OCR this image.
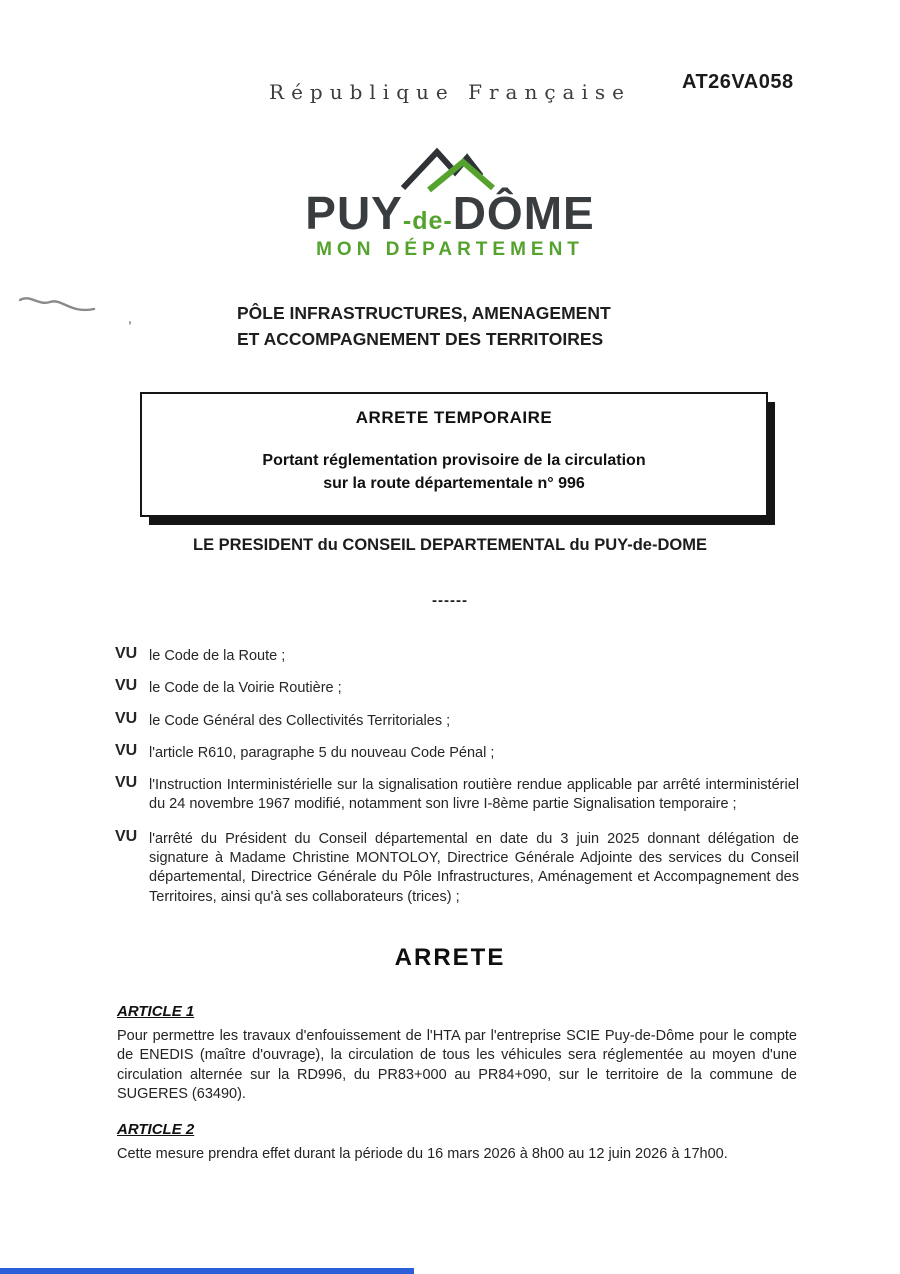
République Française	AT26VA058
PUY-de-DÔME
MON DÉPARTEMENT
PÔLE INFRASTRUCTURES, AMENAGEMENT
ET ACCOMPAGNEMENT DES TERRITOIRES
ARRETE TEMPORAIRE
Portant réglementation provisoire de la circulation
sur la route départementale n° 996
LE PRESIDENT du CONSEIL DEPARTEMENTAL du PUY-de-DOME
------
VU le Code de la Route ;
VU le Code de la Voirie Routière ;
VU le Code Général des Collectivités Territoriales ;
VU l'article R610, paragraphe 5 du nouveau Code Pénal ;
VU l'Instruction Interministérielle sur la signalisation routière rendue applicable par arrêté interministériel du 24 novembre 1967 modifié, notamment son livre I-8ème partie Signalisation temporaire ;
VU l'arrêté du Président du Conseil départemental en date du 3 juin 2025 donnant délégation de signature à Madame Christine MONTOLOY, Directrice Générale Adjointe des services du Conseil départemental, Directrice Générale du Pôle Infrastructures, Aménagement et Accompagnement des Territoires, ainsi qu'à ses collaborateurs (trices) ;
ARRETE
ARTICLE 1
Pour permettre les travaux d'enfouissement de l'HTA par l'entreprise SCIE Puy-de-Dôme pour le compte de ENEDIS (maître d'ouvrage), la circulation de tous les véhicules sera réglementée au moyen d'une circulation alternée sur la RD996, du PR83+000 au PR84+090, sur le territoire de la commune de SUGERES (63490).
ARTICLE 2
Cette mesure prendra effet durant la période du 16 mars 2026 à 8h00 au 12 juin 2026 à 17h00.
,
